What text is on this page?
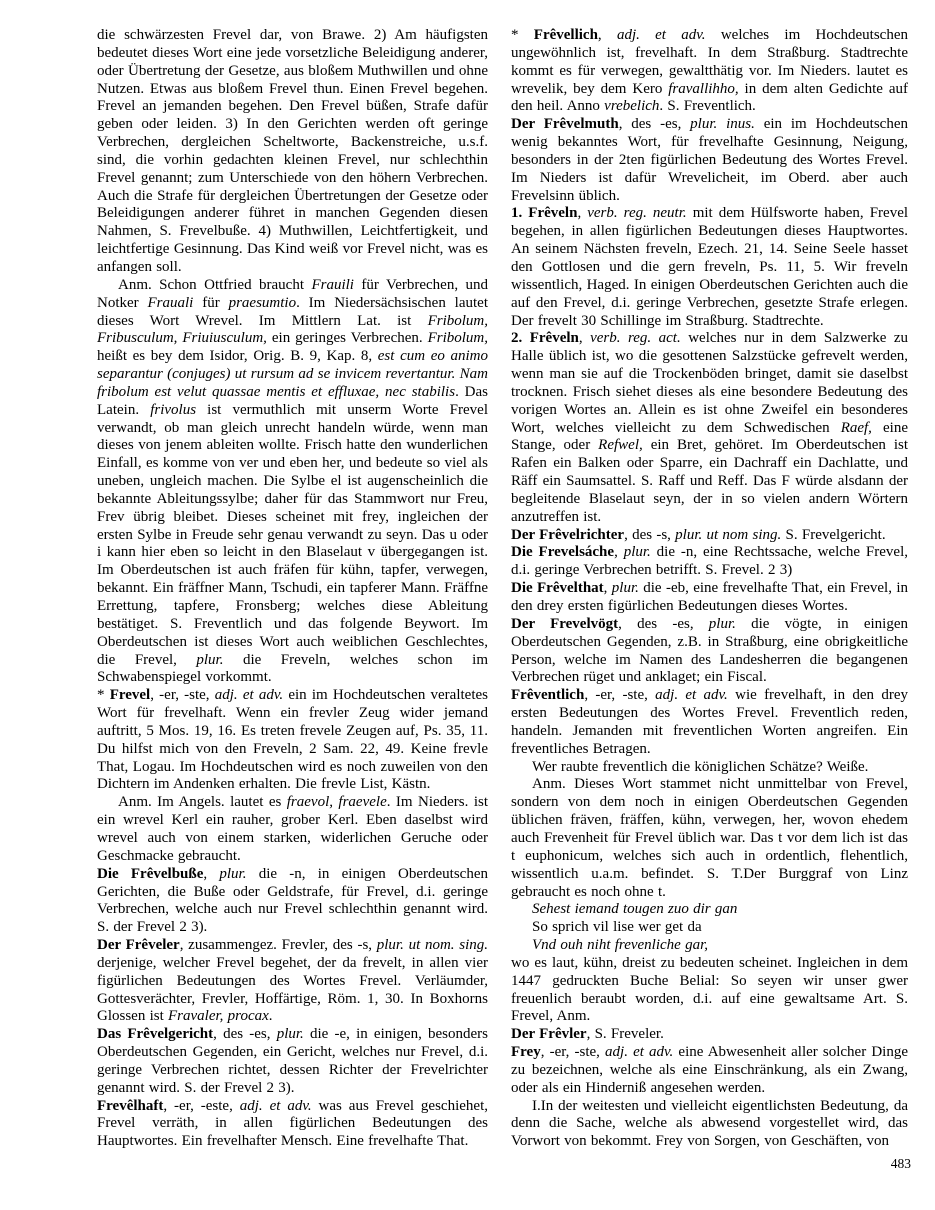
die schwärzesten Frevel dar, von Brawe. 2) Am häufigsten bedeutet dieses Wort eine jede vorsetzliche Beleidigung anderer, oder Übertretung der Gesetze, aus bloßem Muthwillen und ohne Nutzen. Etwas aus bloßem Frevel thun. Einen Frevel begehen. Frevel an jemanden begehen. Den Frevel büßen, Strafe dafür geben oder leiden. 3) In den Gerichten werden oft geringe Verbrechen, dergleichen Scheltworte, Backenstreiche, u.s.f. sind, die vorhin gedachten kleinen Frevel, nur schlechthin Frevel genannt; zum Unterschiede von den höhern Verbrechen. Auch die Strafe für dergleichen Übertretungen der Gesetze oder Beleidigungen anderer führet in manchen Gegenden diesen Nahmen, S. Frevelbuße. 4) Muthwillen, Leichtfertigkeit, und leichtfertige Gesinnung. Das Kind weiß vor Frevel nicht, was es anfangen soll.

Anm. Schon Ottfried braucht Frauili für Verbrechen, und Notker Frauali für praesumtio. Im Niedersächsischen lautet dieses Wort Wrevel. Im Mittlern Lat. ist Fribolum, Fribusculum, Friuiusculum, ein geringes Verbrechen. Fribolum, heißt es bey dem Isidor, Orig. B. 9, Kap. 8, est cum eo animo separantur (conjuges) ut rursum ad se invicem revertantur. Nam fribolum est velut quassae mentis et effluxae, nec stabilis. Das Latein. frivolus ist vermuthlich mit unserm Worte Frevel verwandt, ob man gleich unrecht handeln würde, wenn man dieses von jenem ableiten wollte. Frisch hatte den wunderlichen Einfall, es komme von ver und eben her, und bedeute so viel als uneben, ungleich machen. Die Sylbe el ist augenscheinlich die bekannte Ableitungssylbe; daher für das Stammwort nur Freu, Frev übrig bleibet. Dieses scheinet mit frey, ingleichen der ersten Sylbe in Freude sehr genau verwandt zu seyn. Das u oder i kann hier eben so leicht in den Blaselaut v übergegangen ist. Im Oberdeutschen ist auch fräfen für kühn, tapfer, verwegen, bekannt. Ein fräffner Mann, Tschudi, ein tapferer Mann. Fräffne Errettung, tapfere, Fronsberg; welches diese Ableitung bestätiget. S. Freventlich und das folgende Beywort. Im Oberdeutschen ist dieses Wort auch weiblichen Geschlechtes, die Frevel, plur. die Freveln, welches schon im Schwabenspiegel vorkommt.

* Frevel, -er, -ste, adj. et adv. ein im Hochdeutschen veraltetes Wort für frevelhaft. Wenn ein frevler Zeug wider jemand auftritt, 5 Mos. 19, 16. Es treten frevele Zeugen auf, Ps. 35, 11. Du hilfst mich von den Freveln, 2 Sam. 22, 49. Keine frevle That, Logau. Im Hochdeutschen wird es noch zuweilen von den Dichtern im Andenken erhalten. Die frevle List, Kästn.

Anm. Im Angels. lautet es fraevol, fraevele. Im Nieders. ist ein wrevel Kerl ein rauher, grober Kerl. Eben daselbst wird wrevel auch von einem starken, widerlichen Geruche oder Geschmacke gebraucht.

Die Frêvelbuße, plur. die -n, in einigen Oberdeutschen Gerichten, die Buße oder Geldstrafe, für Frevel, d.i. geringe Verbrechen, welche auch nur Frevel schlechthin genannt wird. S. der Frevel 2 3).

Der Frêveler, zusammengez. Frevler, des -s, plur. ut nom. sing. derjenige, welcher Frevel begehet, der da frevelt, in allen vier figürlichen Bedeutungen des Wortes Frevel. Verläumder, Gottesverächter, Frevler, Hoffärtige, Röm. 1, 30. In Boxhorns Glossen ist Fravaler, procax.

Das Frêvelgericht, des -es, plur. die -e, in einigen, besonders Oberdeutschen Gegenden, ein Gericht, welches nur Frevel, d.i. geringe Verbrechen richtet, dessen Richter der Frevelrichter genannt wird. S. der Frevel 2 3).

Frevêlhaft, -er, -este, adj. et adv. was aus Frevel geschiehet, Frevel verräth, in allen figürlichen Bedeutungen des Hauptwortes. Ein frevelhafter Mensch. Eine frevelhafte That.

* Frêvellich, adj. et adv. welches im Hochdeutschen ungewöhnlich ist, frevelhaft. In dem Straßburg. Stadtrechte kommt es für verwegen, gewaltthätig vor. Im Nieders. lautet es wrevelik, bey dem Kero fravallihho, in dem alten Gedichte auf den heil. Anno vrebelich. S. Freventlich.

Der Frêvelmuth, des -es, plur. inus. ein im Hochdeutschen wenig bekanntes Wort, für frevelhafte Gesinnung, Neigung, besonders in der 2ten figürlichen Bedeutung des Wortes Frevel. Im Nieders ist dafür Wrevelicheit, im Oberd. aber auch Frevelsinn üblich.

1. Frêveln, verb. reg. neutr. mit dem Hülfsworte haben, Frevel begehen, in allen figürlichen Bedeutungen dieses Hauptwortes. An seinem Nächsten freveln, Ezech. 21, 14. Seine Seele hasset den Gottlosen und die gern freveln, Ps. 11, 5. Wir freveln wissentlich, Haged. In einigen Oberdeutschen Gerichten auch die auf den Frevel, d.i. geringe Verbrechen, gesetzte Strafe erlegen. Der frevelt 30 Schillinge im Straßburg. Stadtrechte.

2. Frêveln, verb. reg. act. welches nur in dem Salzwerke zu Halle üblich ist, wo die gesottenen Salzstücke gefrevelt werden, wenn man sie auf die Trockenböden bringet, damit sie daselbst trocknen. Frisch siehet dieses als eine besondere Bedeutung des vorigen Wortes an. Allein es ist ohne Zweifel ein besonderes Wort, welches vielleicht zu dem Schwedischen Raef, eine Stange, oder Refwel, ein Bret, gehöret. Im Oberdeutschen ist Rafen ein Balken oder Sparre, ein Dachraff ein Dachlatte, und Räff ein Saumsattel. S. Raff und Reff. Das F würde alsdann der begleitende Blaselaut seyn, der in so vielen andern Wörtern anzutreffen ist.

Der Frêvelrichter, des -s, plur. ut nom sing. S. Frevelgericht.

Die Frevelsáche, plur. die -n, eine Rechtssache, welche Frevel, d.i. geringe Verbrechen betrifft. S. Frevel. 2 3)

Die Frêvelthat, plur. die -eb, eine frevelhafte That, ein Frevel, in den drey ersten figürlichen Bedeutungen dieses Wortes.

Der Frevelvögt, des -es, plur. die vögte, in einigen Oberdeutschen Gegenden, z.B. in Straßburg, eine obrigkeitliche Person, welche im Namen des Landesherren die begangenen Verbrechen rüget und anklaget; ein Fiscal.

Frêventlich, -er, -ste, adj. et adv. wie frevelhaft, in den drey ersten Bedeutungen des Wortes Frevel. Freventlich reden, handeln. Jemanden mit freventlichen Worten angreifen. Ein freventliches Betragen.

Wer raubte freventlich die königlichen Schätze? Weiße.

Anm. Dieses Wort stammet nicht unmittelbar von Frevel, sondern von dem noch in einigen Oberdeutschen Gegenden üblichen fräven, fräffen, kühn, verwegen, her, wovon ehedem auch Frevenheit für Frevel üblich war. Das t vor dem lich ist das t euphonicum, welches sich auch in ordentlich, flehentlich, wissentlich u.a.m. befindet. S. T.Der Burggraf von Linz gebraucht es noch ohne t.

Sehest iemand tougen zuo dir gan

So sprich vil lise wer get da

Vnd ouh niht frevenliche gar,

wo es laut, kühn, dreist zu bedeuten scheinet. Ingleichen in dem 1447 gedruckten Buche Belial: So seyen wir unser gwer freuenlich beraubt worden, d.i. auf eine gewaltsame Art. S. Frevel, Anm.

Der Frêvler, S. Freveler.

Frey, -er, -ste, adj. et adv. eine Abwesenheit aller solcher Dinge zu bezeichnen, welche als eine Einschränkung, als ein Zwang, oder als ein Hinderniß angesehen werden.

I.In der weitesten und vielleicht eigentlichsten Bedeutung, da denn die Sache, welche als abwesend vorgestellet wird, das Vorwort von bekommt. Frey von Sorgen, von Geschäften, von

483
